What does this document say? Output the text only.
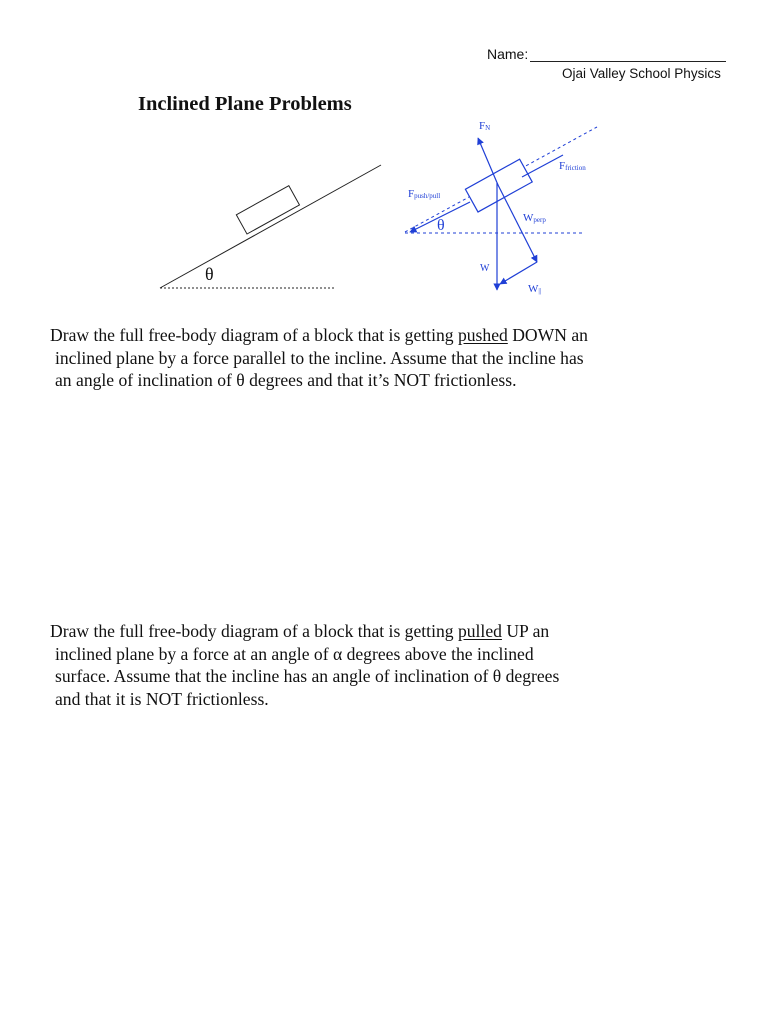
Name:
Ojai Valley School Physics
Inclined Plane Problems
θ
FN
Ffriction
Fpush/pull
θ
W
Wperp
W||
Draw the full free-body diagram of a block that is getting pushed DOWN an
inclined plane by a force parallel to the incline. Assume that the incline has
an angle of inclination of θ degrees and that it’s NOT frictionless.
Draw the full free-body diagram of a block that is getting pulled UP an
inclined plane by a force at an angle of α degrees above the inclined
surface. Assume that the incline has an angle of inclination of θ degrees
and that it is NOT frictionless.
